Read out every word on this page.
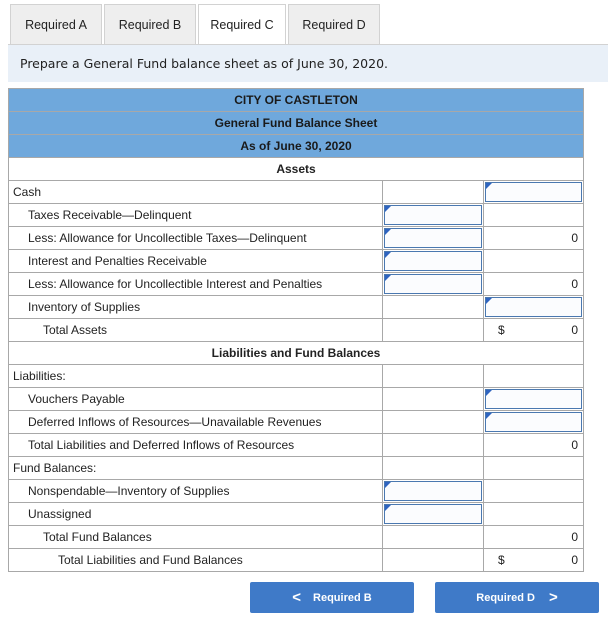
Required A	Required B	Required C	Required D
Prepare a General Fund balance sheet as of June 30, 2020.
CITY OF CASTLETON		
General Fund Balance Sheet		
As of June 30, 2020		
Assets		
Cash		

Taxes Receivable—Delinquent	

Less: Allowance for Uncollectible Taxes—Delinquent		0
Interest and Penalties Receivable	

Less: Allowance for Uncollectible Interest and Penalties		0
Inventory of Supplies		

Total Assets		$ 0
Liabilities and Fund Balances		
Liabilities:		
Vouchers Payable		

Deferred Inflows of Resources—Unavailable Revenues		

Total Liabilities and Deferred Inflows of Resources		0
Fund Balances:		
Nonspendable—Inventory of Supplies	

Unassigned	

Total Fund Balances		0
Total Liabilities and Fund Balances		$ 0
< Required B	Required D >
